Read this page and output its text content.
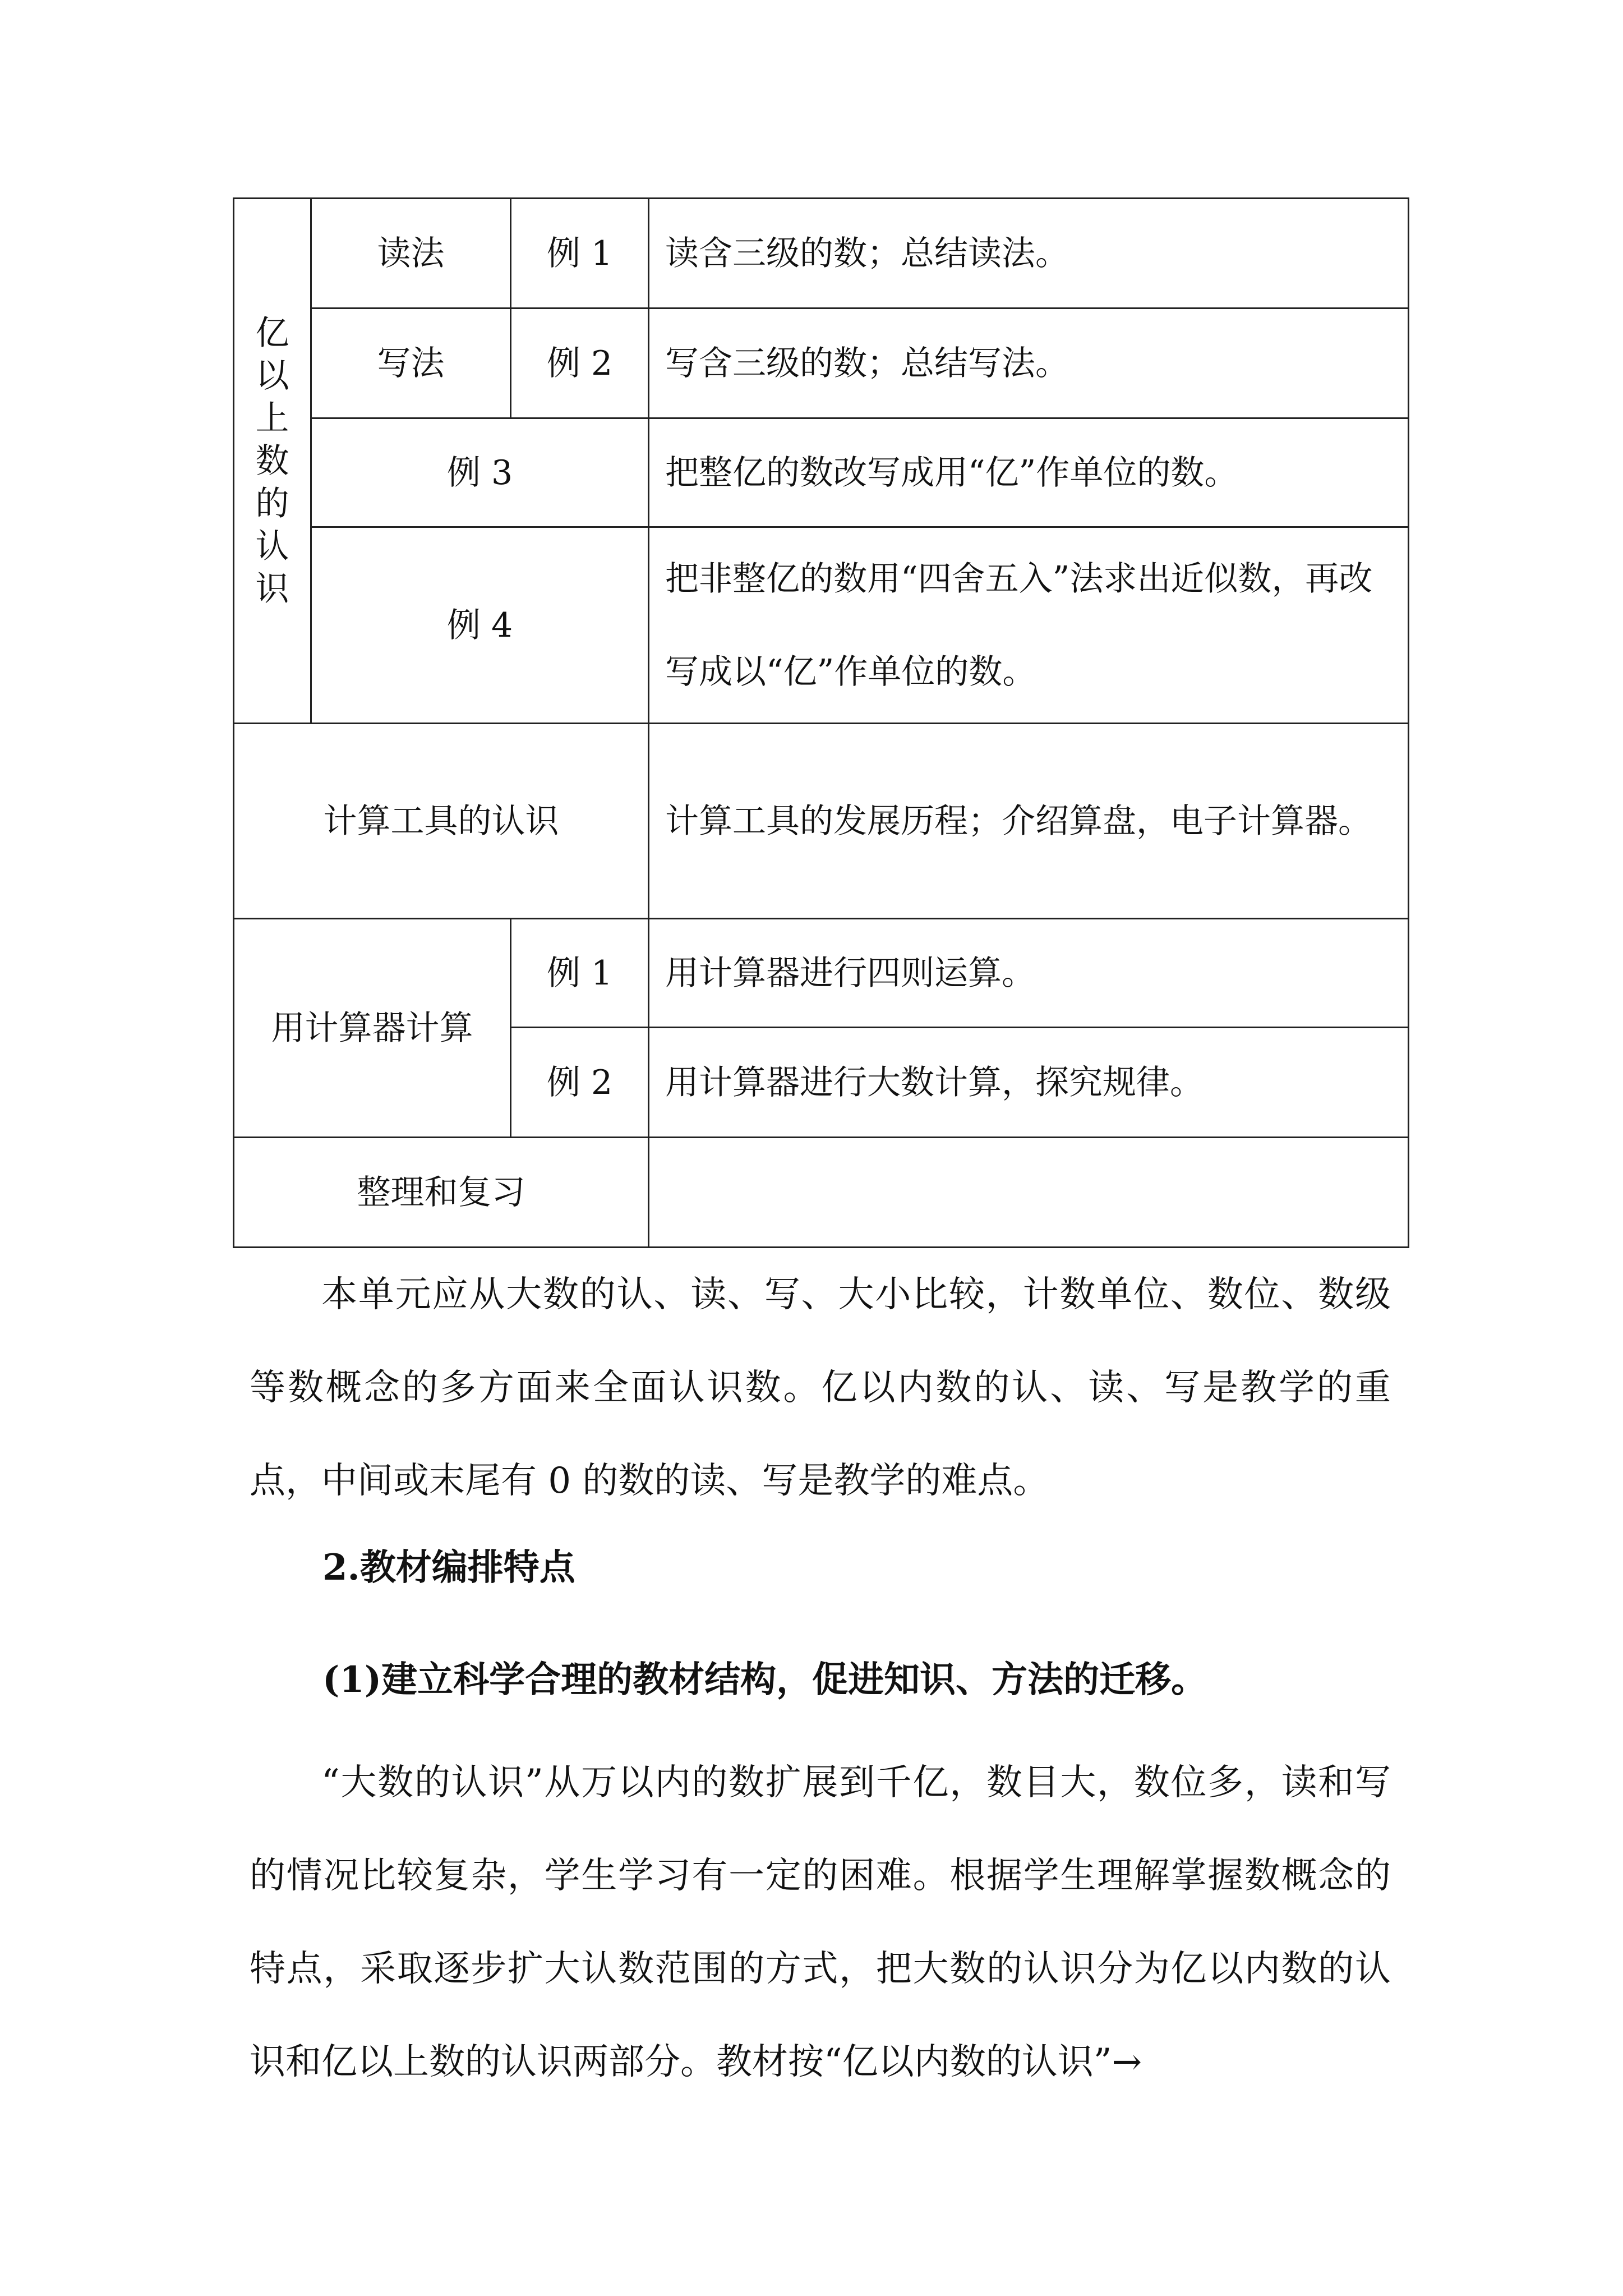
亿以上数的认识	读法	例 1	读含三级的数；总结读法。
	写法	例 2	写含三级的数；总结写法。
	例 3		把整亿的数改写成用“亿”作单位的数。
	例 4		把非整亿的数用“四舍五入”法求出近似数，再改写成以“亿”作单位的数。
计算工具的认识			计算工具的发展历程；介绍算盘，电子计算器。
用计算器计算		例 1	用计算器进行四则运算。
		例 2	用计算器进行大数计算，探究规律。
整理和复习			

本单元应从大数的认、读、写、大小比较，计数单位、数位、数级等数概念的多方面来全面认识数。亿以内数的认、读、写是教学的重点，中间或末尾有 0 的数的读、写是教学的难点。

2.教材编排特点
(1)建立科学合理的教材结构，促进知识、方法的迁移。

“大数的认识”从万以内的数扩展到千亿，数目大，数位多，读和写的情况比较复杂，学生学习有一定的困难。根据学生理解掌握数概念的特点，采取逐步扩大认数范围的方式，把大数的认识分为亿以内数的认识和亿以上数的认识两部分。教材按“亿以内数的认识”→
